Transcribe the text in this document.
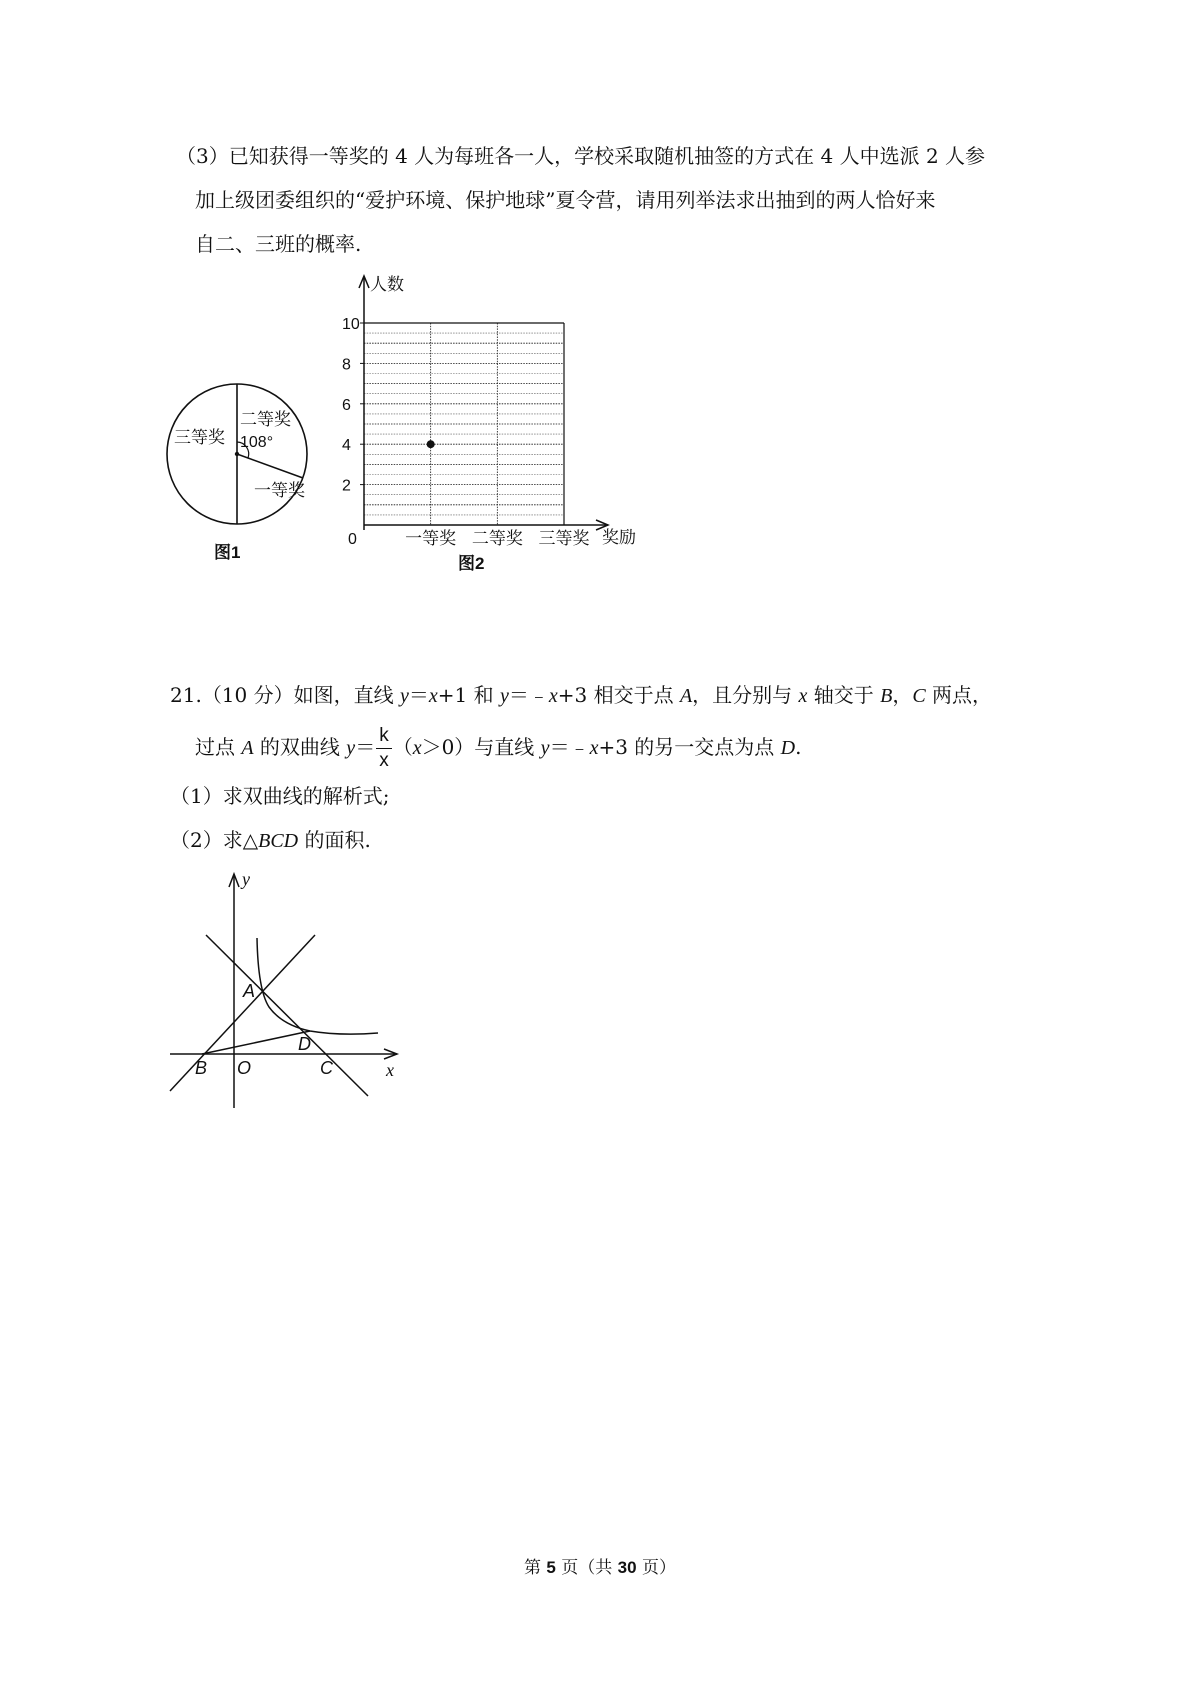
（3）已知获得一等奖的 4 人为每班各一人，学校采取随机抽签的方式在 4 人中选派 2 人参
加上级团委组织的“爱护环境、保护地球”夏令营，请用列举法求出抽到的两人恰好来
自二、三班的概率.
三等奖
二等奖
108°
一等奖
图1
2
4
6
8
10
一等奖 二等奖 三等奖
人数
奖励
0
图2
21.（10 分）如图，直线 y＝x+1 和 y＝﹣x+3 相交于点 A，且分别与 x 轴交于 B，C 两点，
过点 A 的双曲线 $y= \frac{k}{x} (x>0)$与直线 y＝﹣x+3 的另一交点为点 D.
（1）求双曲线的解析式;
（2）求△BCD 的面积.
y
x
A
B O	C
D
第 5 页（共 30 页）
